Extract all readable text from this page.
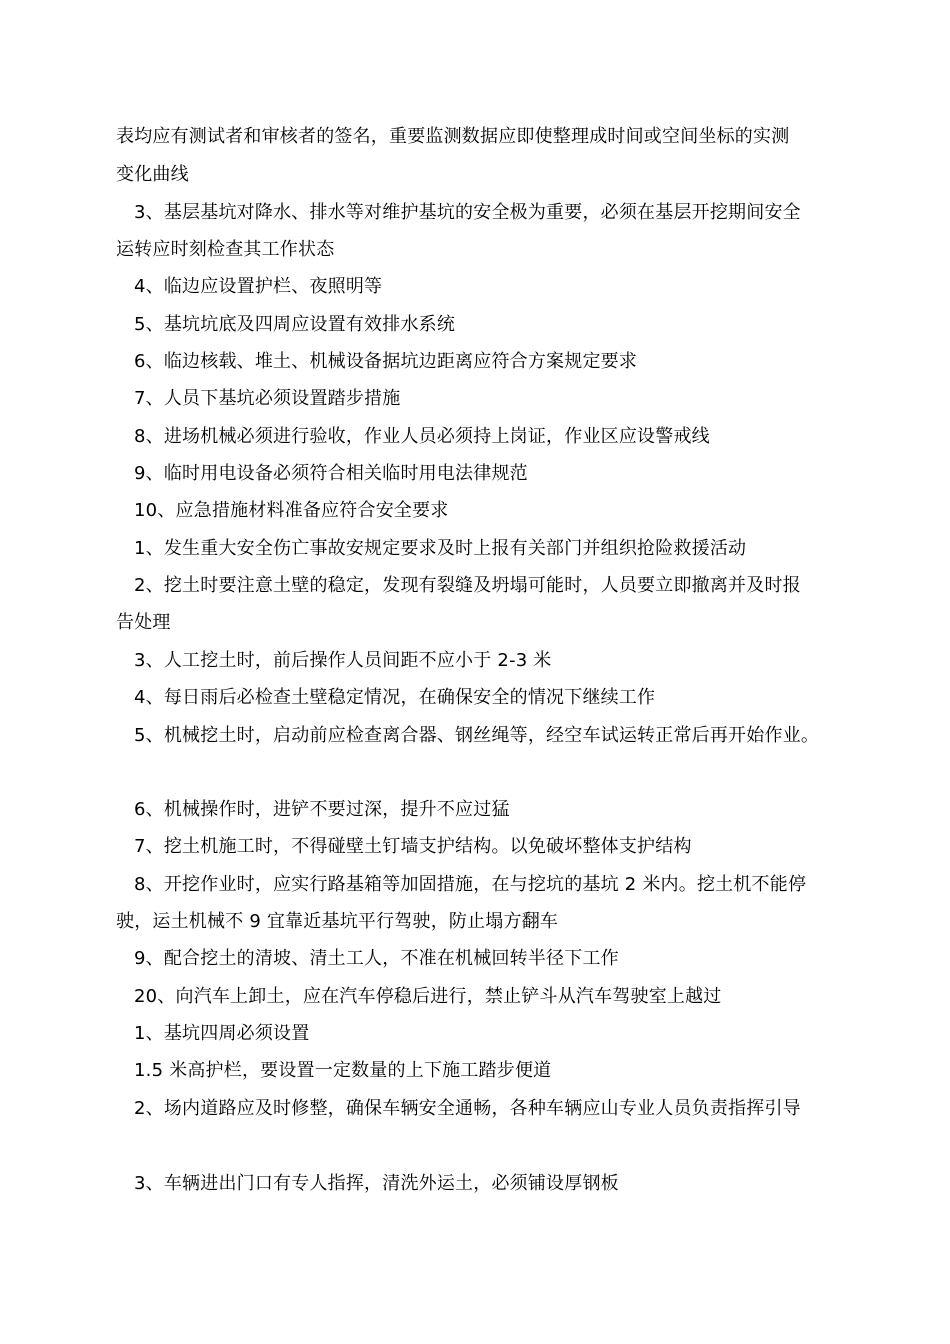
表均应有测试者和审核者的签名，重要监测数据应即使整理成时间或空间坐标的实测
变化曲线
3、基层基坑对降水、排水等对维护基坑的安全极为重要，必须在基层开挖期间安全
运转应时刻检查其工作状态
4、临边应设置护栏、夜照明等
5、基坑坑底及四周应设置有效排水系统
6、临边核载、堆土、机械设备据坑边距离应符合方案规定要求
7、人员下基坑必须设置踏步措施
8、进场机械必须进行验收，作业人员必须持上岗证，作业区应设警戒线
9、临时用电设备必须符合相关临时用电法律规范
10、应急措施材料准备应符合安全要求
1、发生重大安全伤亡事故安规定要求及时上报有关部门并组织抢险救援活动
2、挖土时要注意土壁的稳定，发现有裂缝及坍塌可能时，人员要立即撤离并及时报
告处理
3、人工挖土时，前后操作人员间距不应小于 2-3 米
4、每日雨后必检查土壁稳定情况，在确保安全的情况下继续工作
5、机械挖土时，启动前应检查离合器、钢丝绳等，经空车试运转正常后再开始作业。
6、机械操作时，进铲不要过深，提升不应过猛
7、挖土机施工时，不得碰壁土钉墙支护结构。以免破坏整体支护结构
8、开挖作业时，应实行路基箱等加固措施，在与挖坑的基坑 2 米内。挖土机不能停
驶，运土机械不 9 宜靠近基坑平行驾驶，防止塌方翻车
9、配合挖土的清坡、清土工人，不准在机械回转半径下工作
20、向汽车上卸土，应在汽车停稳后进行，禁止铲斗从汽车驾驶室上越过
1、基坑四周必须设置
1.5 米高护栏，要设置一定数量的上下施工踏步便道
2、场内道路应及时修整，确保车辆安全通畅，各种车辆应山专业人员负责指挥引导
3、车辆进出门口有专人指挥，清洗外运土，必须铺设厚钢板
